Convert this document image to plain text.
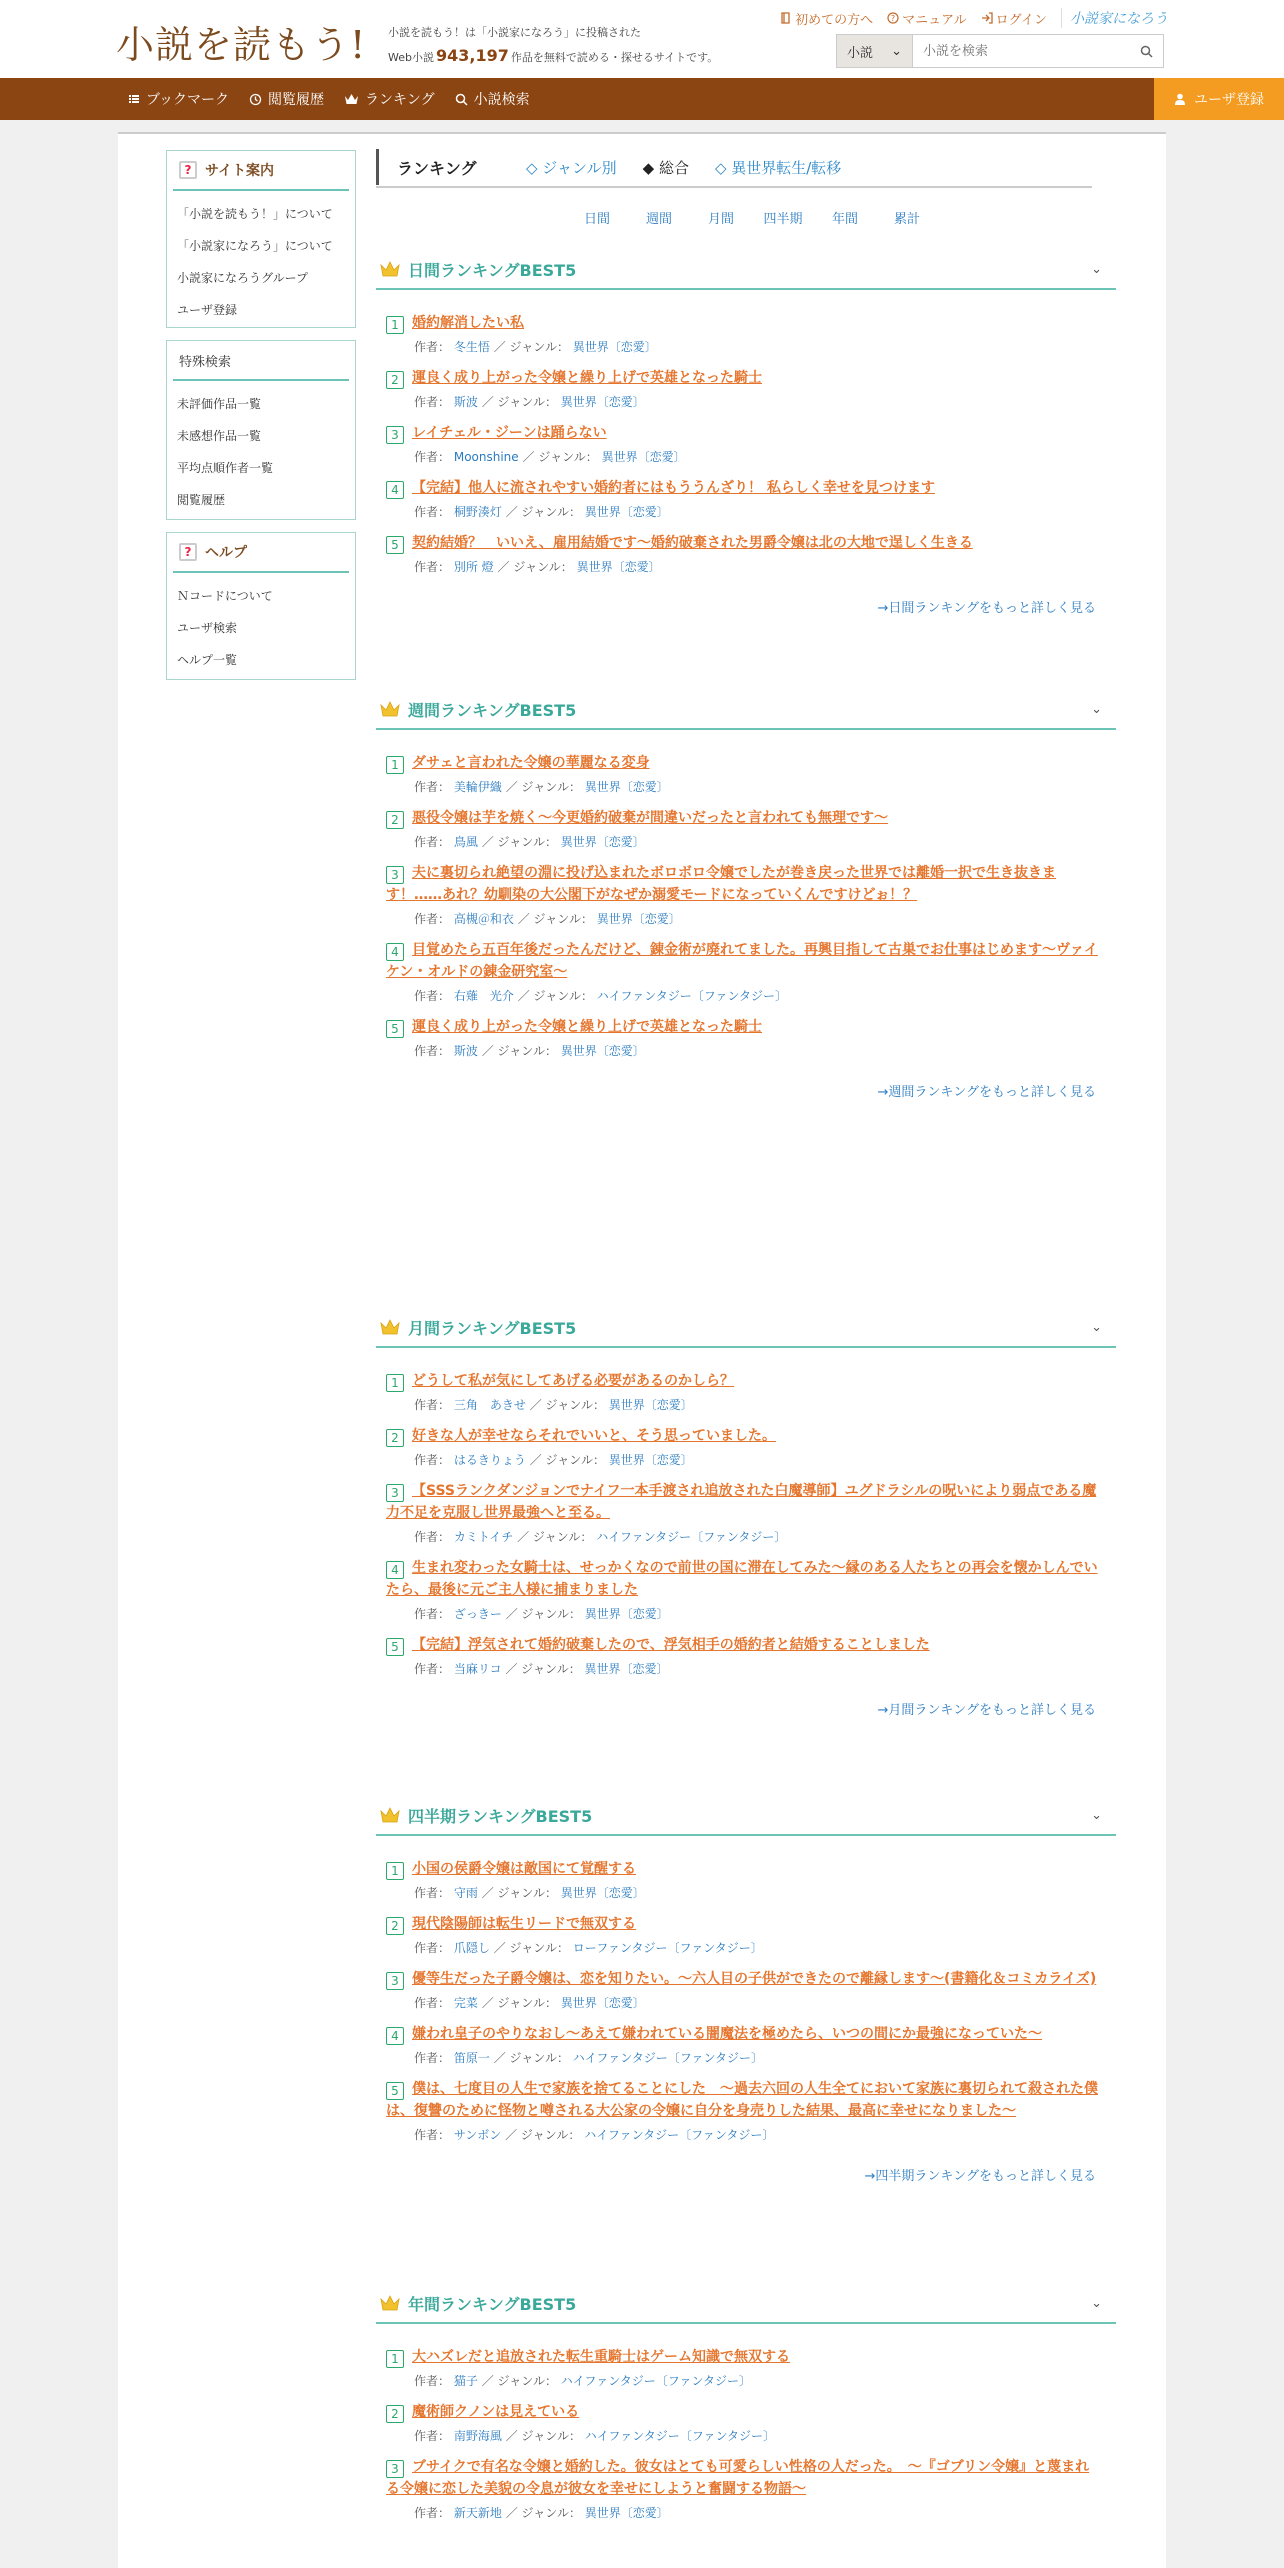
小説を読もう! 小説を読もう！は「小説家になろう」に投稿された
Web小説 943,197 作品を無料で読める・探せるサイトです。
初めての方へ ? マニュアル ログイン	小説家になろう
小説 ⌄
小説を検索
ブックマーク	閲覧履歴	ランキング	小説検索	ユーザ登録
? サイト案内
「小説を読もう！」について
「小説家になろう」について
小説家になろうグループ
ユーザ登録
特殊検索
未評価作品一覧
未感想作品一覧
平均点順作者一覧
閲覧履歴
? ヘルプ
Ｎコードについて
ユーザ検索
ヘルプ一覧
ランキング	◇ ジャンル別 ◆ 総合 ◇ 異世界転生/転移
日間	週間	月間	四半期	年間	累計
日間ランキングBEST5	⌄
1 婚約解消したい私
作者： 冬生悟 ／ ジャンル： 異世界〔恋愛〕
2 運良く成り上がった令嬢と繰り上げで英雄となった騎士
作者： 斯波 ／ ジャンル： 異世界〔恋愛〕
3 レイチェル・ジーンは踊らない
作者： Moonshine ／ ジャンル： 異世界〔恋愛〕
4 【完結】他人に流されやすい婚約者にはもううんざり！ 私らしく幸せを見つけます
作者： 桐野湊灯 ／ ジャンル： 異世界〔恋愛〕
5 契約結婚？　いいえ、雇用結婚です～婚約破棄された男爵令嬢は北の大地で逞しく生きる
作者： 別所 燈 ／ ジャンル： 異世界〔恋愛〕
→日間ランキングをもっと詳しく見る
週間ランキングBEST5	⌄
1 ダサェと言われた令嬢の華麗なる変身
作者： 美輪伊織 ／ ジャンル： 異世界〔恋愛〕
2 悪役令嬢は芋を焼く〜今更婚約破棄が間違いだったと言われても無理です〜
作者： 鳥風 ／ ジャンル： 異世界〔恋愛〕
3 夫に裏切られ絶望の淵に投げ込まれたボロボロ令嬢でしたが巻き戻った世界では離婚一択で生き抜きます！……あれ？幼馴染の大公閣下がなぜか溺愛モードになっていくんですけどぉ！？
作者： 高槻＠和衣 ／ ジャンル： 異世界〔恋愛〕
4 目覚めたら五百年後だったんだけど、錬金術が廃れてました。再興目指して古巣でお仕事はじめます～ヴァイケン・オルドの錬金研究室～
作者： 右薙　光介 ／ ジャンル： ハイファンタジー〔ファンタジー〕
5 運良く成り上がった令嬢と繰り上げで英雄となった騎士
作者： 斯波 ／ ジャンル： 異世界〔恋愛〕
→週間ランキングをもっと詳しく見る
月間ランキングBEST5	⌄
1 どうして私が気にしてあげる必要があるのかしら？
作者： 三角　あきせ ／ ジャンル： 異世界〔恋愛〕
2 好きな人が幸せならそれでいいと、そう思っていました。
作者： はるきりょう ／ ジャンル： 異世界〔恋愛〕
3 【SSSランクダンジョンでナイフ一本手渡され追放された白魔導師】ユグドラシルの呪いにより弱点である魔力不足を克服し世界最強へと至る。
作者： カミトイチ ／ ジャンル： ハイファンタジー〔ファンタジー〕
4 生まれ変わった女騎士は、せっかくなので前世の国に滞在してみた～縁のある人たちとの再会を懐かしんでいたら、最後に元ご主人様に捕まりました
作者： ざっきー ／ ジャンル： 異世界〔恋愛〕
5 【完結】浮気されて婚約破棄したので、浮気相手の婚約者と結婚することしました
作者： 当麻リコ ／ ジャンル： 異世界〔恋愛〕
→月間ランキングをもっと詳しく見る
四半期ランキングBEST5	⌄
1 小国の侯爵令嬢は敵国にて覚醒する
作者： 守雨 ／ ジャンル： 異世界〔恋愛〕
2 現代陰陽師は転生リードで無双する
作者： 爪隠し ／ ジャンル： ローファンタジー〔ファンタジー〕
3 優等生だった子爵令嬢は、恋を知りたい。～六人目の子供ができたので離縁します～(書籍化＆コミカライズ)
作者： 完菜 ／ ジャンル： 異世界〔恋愛〕
4 嫌われ皇子のやりなおし～あえて嫌われている闇魔法を極めたら、いつの間にか最強になっていた～
作者： 笛原一 ／ ジャンル： ハイファンタジー〔ファンタジー〕
5 僕は、七度目の人生で家族を捨てることにした　～過去六回の人生全てにおいて家族に裏切られて殺された僕は、復讐のために怪物と噂される大公家の令嬢に自分を身売りした結果、最高に幸せになりました～
作者： サンボン ／ ジャンル： ハイファンタジー〔ファンタジー〕
→四半期ランキングをもっと詳しく見る
年間ランキングBEST5	⌄
1 大ハズレだと追放された転生重騎士はゲーム知識で無双する
作者： 猫子 ／ ジャンル： ハイファンタジー〔ファンタジー〕
2 魔術師クノンは見えている
作者： 南野海風 ／ ジャンル： ハイファンタジー〔ファンタジー〕
3 ブサイクで有名な令嬢と婚約した。彼女はとても可愛らしい性格の人だった。　～『ゴブリン令嬢』と蔑まれる令嬢に恋した美貌の令息が彼女を幸せにしようと奮闘する物語～
作者： 新天新地 ／ ジャンル： 異世界〔恋愛〕
